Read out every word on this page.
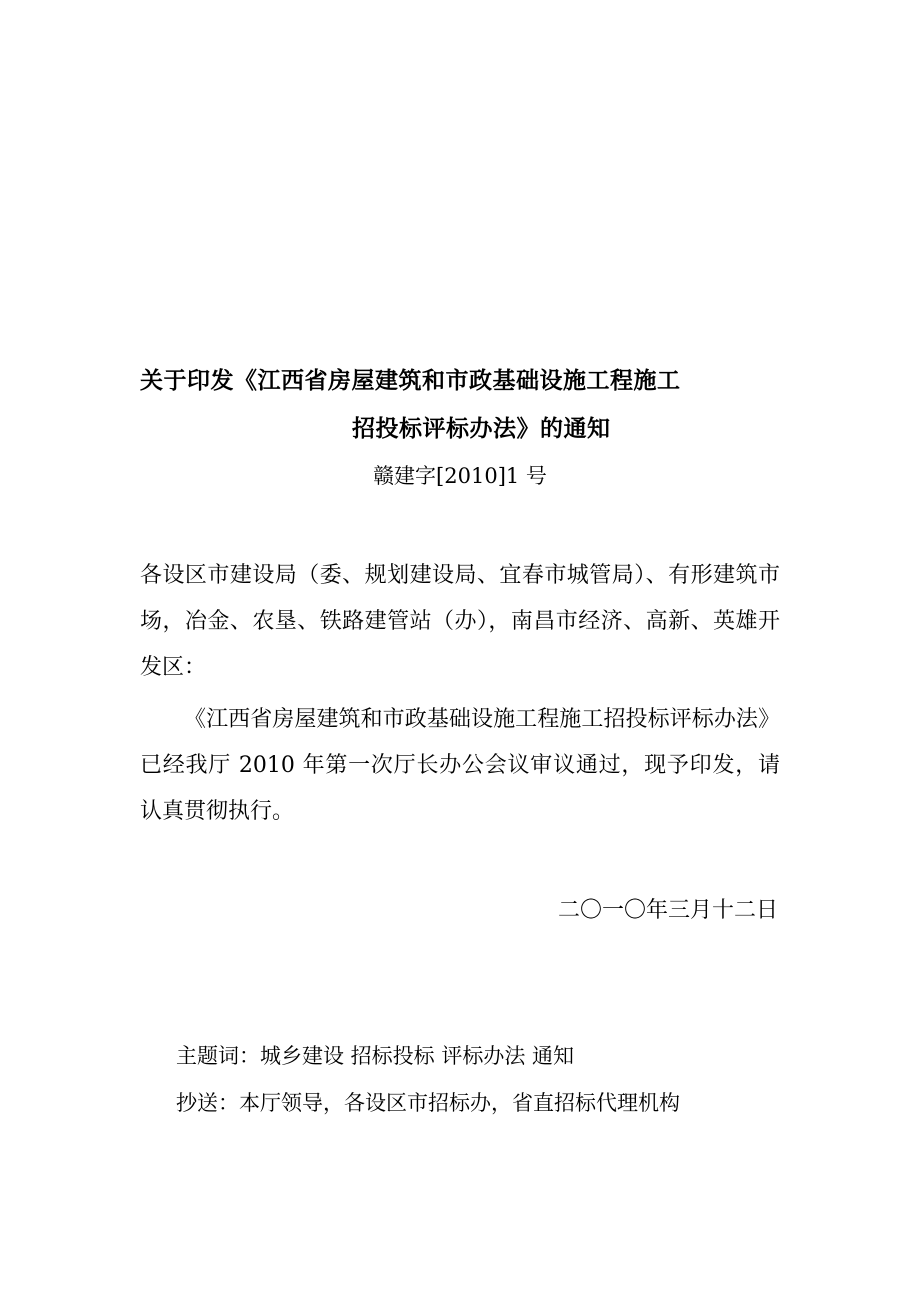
关于印发《江西省房屋建筑和市政基础设施工程施工
招投标评标办法》的通知
赣建字[2010]1 号
各设区市建设局（委、规划建设局、宜春市城管局）、有形建筑市场，冶金、农垦、铁路建管站（办），南昌市经济、高新、英雄开发区：
《江西省房屋建筑和市政基础设施工程施工招投标评标办法》已经我厅 2010 年第一次厅长办公会议审议通过，现予印发，请认真贯彻执行。
二〇一〇年三月十二日
主题词：城乡建设 招标投标 评标办法 通知
抄送：本厅领导，各设区市招标办，省直招标代理机构
